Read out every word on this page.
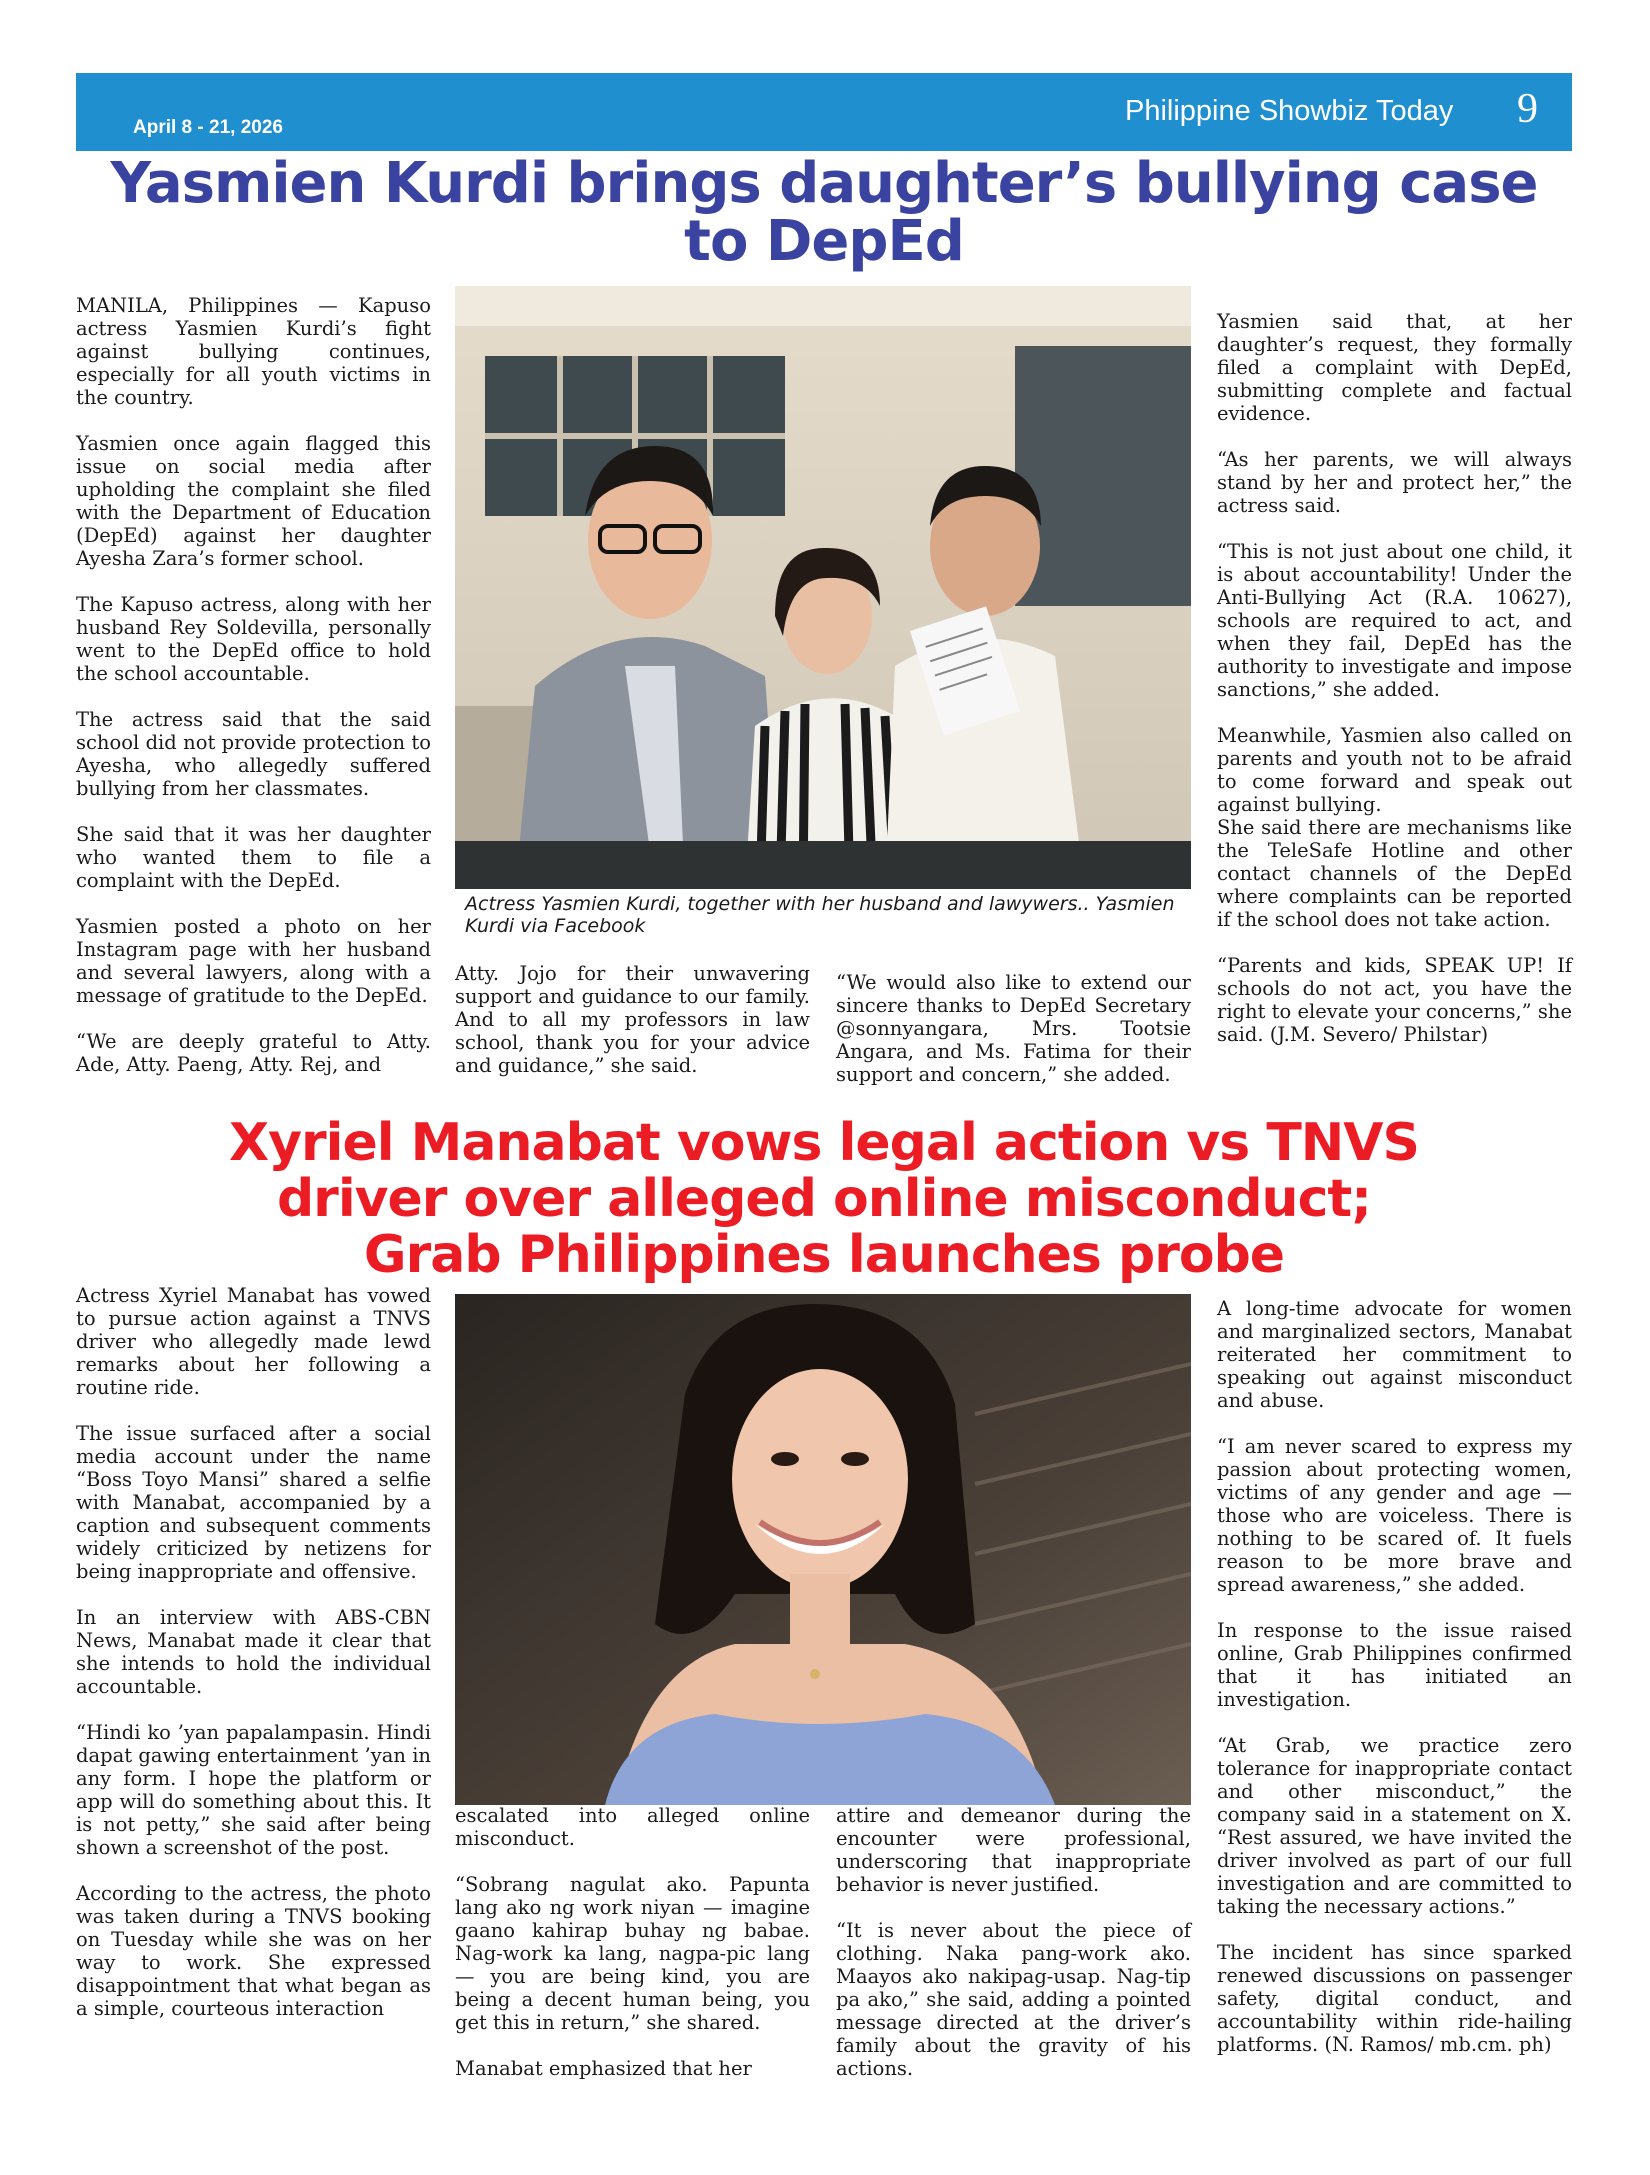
April 8 - 21, 2026
Philippine Showbiz Today 9
Yasmien Kurdi brings daughter’s bullying case to DepEd

MANILA, Philippines — Kapuso actress Yasmien Kurdi’s fight against bullying continues, especially for all youth victims in the country.

Yasmien once again flagged this issue on social media after upholding the complaint she filed with the Department of Education (DepEd) against her daughter Ayesha Zara’s former school.

The Kapuso actress, along with her husband Rey Soldevilla, personally went to the DepEd office to hold the school accountable.

The actress said that the said school did not provide protection to Ayesha, who allegedly suffered bullying from her classmates.

She said that it was her daughter who wanted them to file a complaint with the DepEd.

Yasmien posted a photo on her Instagram page with her husband and several lawyers, along with a message of gratitude to the DepEd.

“We are deeply grateful to Atty. Ade, Atty. Paeng, Atty. Rej, and

Actress Yasmien Kurdi, together with her husband and lawywers.. Yasmien Kurdi via Facebook

Atty. Jojo for their unwavering support and guidance to our family. And to all my professors in law school, thank you for your advice and guidance,” she said.

“We would also like to extend our sincere thanks to DepEd Secretary @sonnyangara, Mrs. Tootsie Angara, and Ms. Fatima for their support and concern,” she added.

Yasmien said that, at her daughter’s request, they formally filed a complaint with DepEd, submitting complete and factual evidence.

“As her parents, we will always stand by her and protect her,” the actress said.

“This is not just about one child, it is about accountability! Under the Anti-Bullying Act (R.A. 10627), schools are required to act, and when they fail, DepEd has the authority to investigate and impose sanctions,” she added.

Meanwhile, Yasmien also called on parents and youth not to be afraid to come forward and speak out against bullying.
She said there are mechanisms like the TeleSafe Hotline and other contact channels of the DepEd where complaints can be reported if the school does not take action.

“Parents and kids, SPEAK UP! If schools do not act, you have the right to elevate your concerns,” she said. (J.M. Severo/ Philstar)

Xyriel Manabat vows legal action vs TNVS
driver over alleged online misconduct;
Grab Philippines launches probe

Actress Xyriel Manabat has vowed to pursue action against a TNVS driver who allegedly made lewd remarks about her following a routine ride.

The issue surfaced after a social media account under the name “Boss Toyo Mansi” shared a selfie with Manabat, accompanied by a caption and subsequent comments widely criticized by netizens for being inappropriate and offensive.

In an interview with ABS-CBN News, Manabat made it clear that she intends to hold the individual accountable.

“Hindi ko ’yan papalampasin. Hindi dapat gawing entertainment ’yan in any form. I hope the platform or app will do something about this. It is not petty,” she said after being shown a screenshot of the post.

According to the actress, the photo was taken during a TNVS booking on Tuesday while she was on her way to work. She expressed disappointment that what began as a simple, courteous interaction

escalated into alleged online misconduct.

“Sobrang nagulat ako. Papunta lang ako ng work niyan — imagine gaano kahirap buhay ng babae. Nag-work ka lang, nagpa-pic lang — you are being kind, you are being a decent human being, you get this in return,” she shared.

Manabat emphasized that her

attire and demeanor during the encounter were professional, underscoring that inappropriate behavior is never justified.

“It is never about the piece of clothing. Naka pang-work ako. Maayos ako nakipag-usap. Nag-tip pa ako,” she said, adding a pointed message directed at the driver’s family about the gravity of his actions.

A long-time advocate for women and marginalized sectors, Manabat reiterated her commitment to speaking out against misconduct and abuse.

“I am never scared to express my passion about protecting women, victims of any gender and age — those who are voiceless. There is nothing to be scared of. It fuels reason to be more brave and spread awareness,” she added.

In response to the issue raised online, Grab Philippines confirmed that it has initiated an investigation.

“At Grab, we practice zero tolerance for inappropriate contact and other misconduct,” the company said in a statement on X. “Rest assured, we have invited the driver involved as part of our full investigation and are committed to taking the necessary actions.”

The incident has since sparked renewed discussions on passenger safety, digital conduct, and accountability within ride-hailing platforms. (N. Ramos/ mb.cm. ph)
